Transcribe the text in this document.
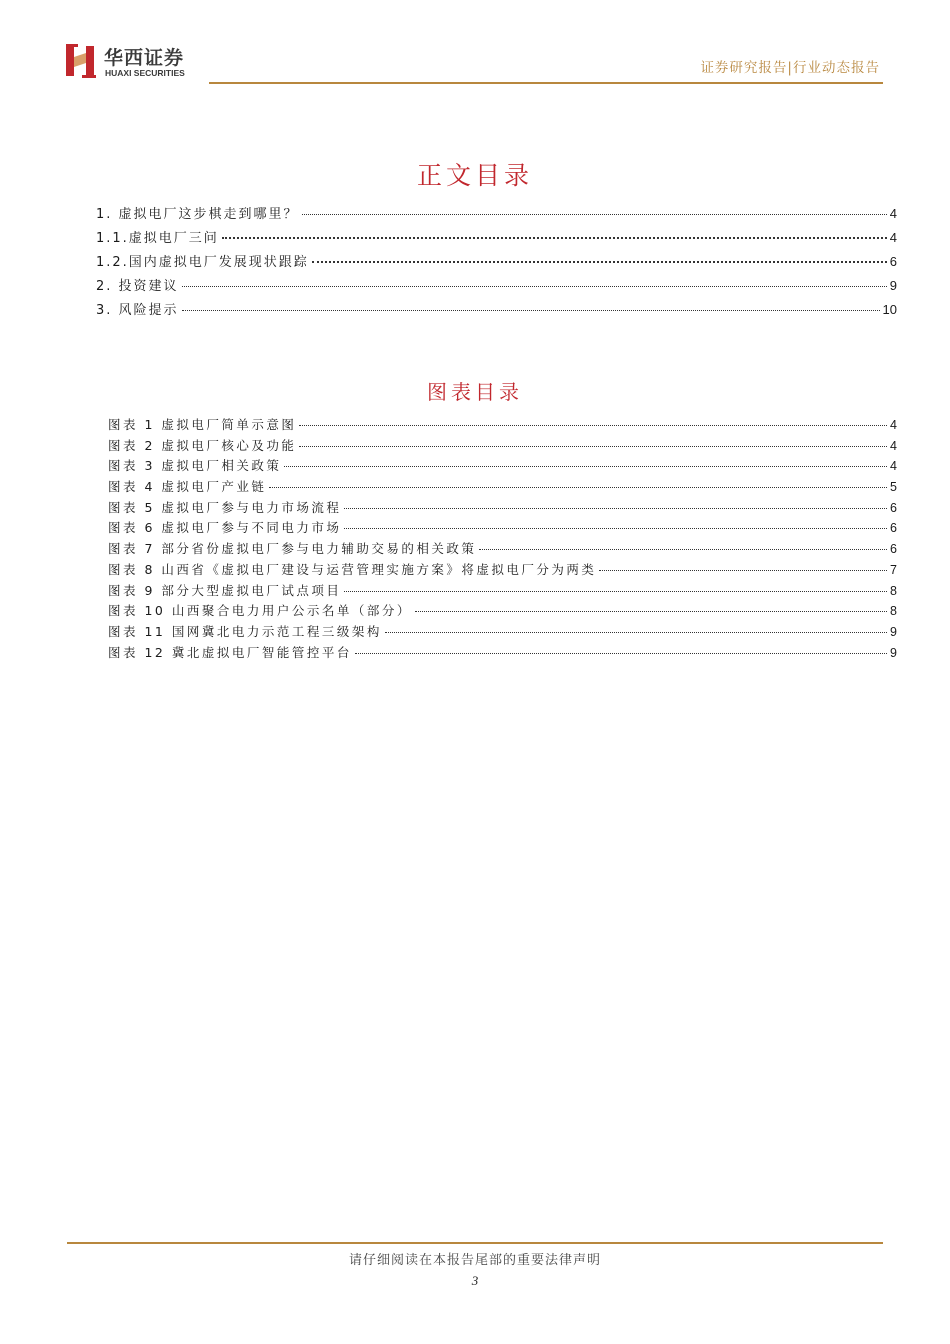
华西证券
HUAXI SECURITIES	证券研究报告|行业动态报告
正文目录
1. 虚拟电厂这步棋走到哪里？	4
1.1.虚拟电厂三问	4
1.2.国内虚拟电厂发展现状跟踪	6
2. 投资建议	9
3. 风险提示	10
图表目录
图表 1 虚拟电厂简单示意图	4
图表 2 虚拟电厂核心及功能	4
图表 3 虚拟电厂相关政策	4
图表 4 虚拟电厂产业链	5
图表 5 虚拟电厂参与电力市场流程	6
图表 6 虚拟电厂参与不同电力市场	6
图表 7 部分省份虚拟电厂参与电力辅助交易的相关政策	6
图表 8 山西省《虚拟电厂建设与运营管理实施方案》将虚拟电厂分为两类	7
图表 9 部分大型虚拟电厂试点项目	8
图表 10 山西聚合电力用户公示名单（部分）	8
图表 11 国网冀北电力示范工程三级架构	9
图表 12 冀北虚拟电厂智能管控平台	9
请仔细阅读在本报告尾部的重要法律声明
3
